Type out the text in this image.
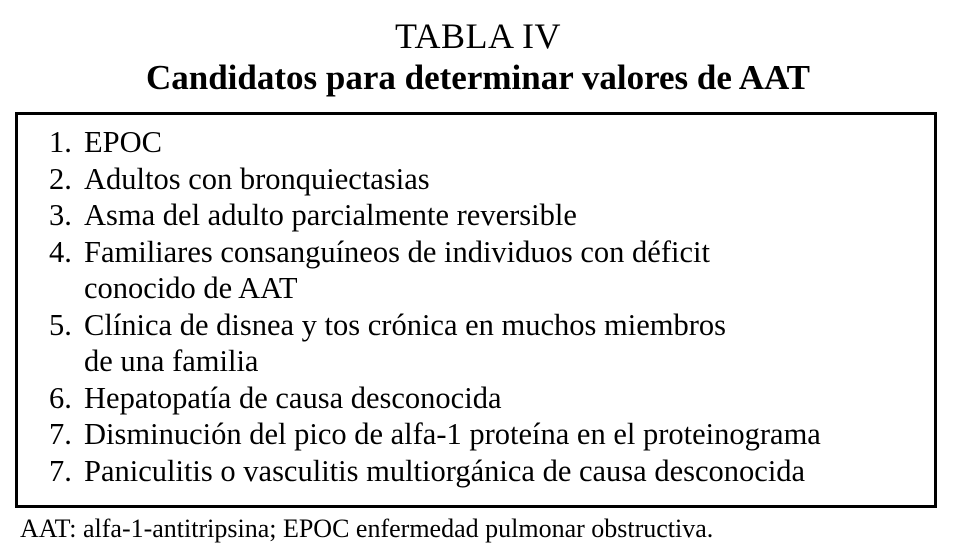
TABLA IV
Candidatos para determinar valores de AAT
1. EPOC
2. Adultos con bronquiectasias
3. Asma del adulto parcialmente reversible
4. Familiares consanguíneos de individuos con déficit
conocido de AAT
5. Clínica de disnea y tos crónica en muchos miembros
de una familia
6. Hepatopatía de causa desconocida
7. Disminución del pico de alfa-1 proteína en el proteinograma
7. Paniculitis o vasculitis multiorgánica de causa desconocida
AAT: alfa-1-antitripsina; EPOC enfermedad pulmonar obstructiva.
